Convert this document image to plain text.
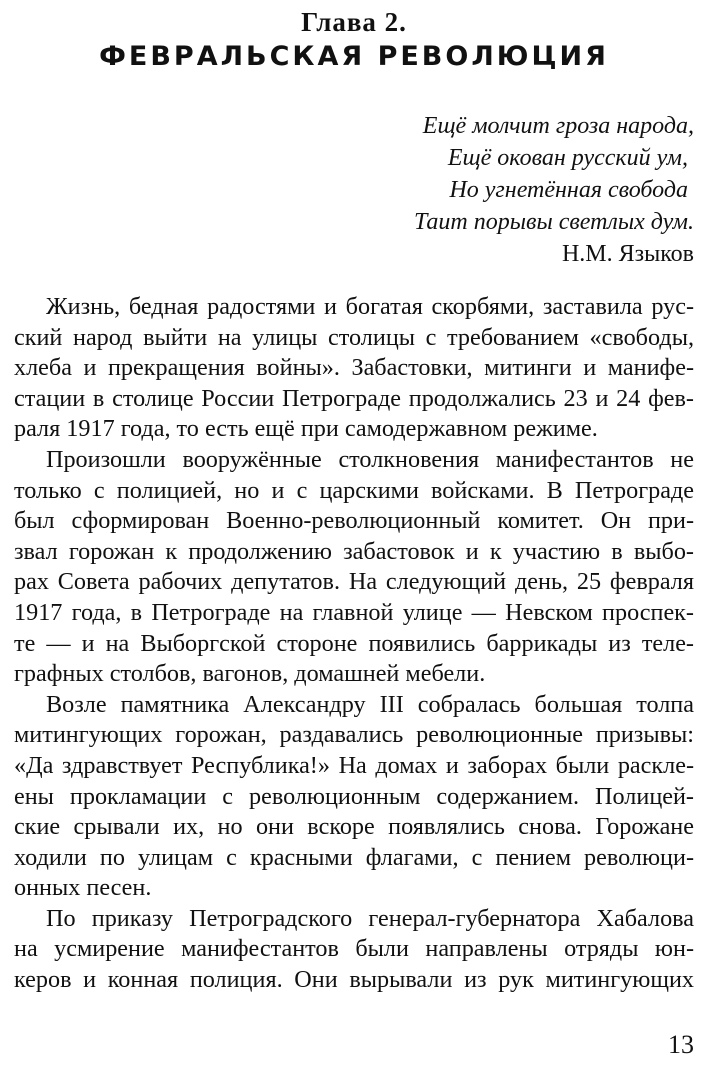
Глава 2.
ФЕВРАЛЬСКАЯ РЕВОЛЮЦИЯ
Ещё молчит гроза народа,
Ещё окован русский ум,
Но угнетённая свобода
Таит порывы светлых дум.
Н.М. Языков
Жизнь, бедная радостями и богатая скорбями, заставила рус-
ский народ выйти на улицы столицы с требованием «свободы,
хлеба и прекращения войны». Забастовки, митинги и манифе-
стации в столице России Петрограде продолжались 23 и 24 фев-
раля 1917 года, то есть ещё при самодержавном режиме.
Произошли вооружённые столкновения манифестантов не
только с полицией, но и с царскими войсками. В Петрограде
был сформирован Военно-революционный комитет. Он при-
звал горожан к продолжению забастовок и к участию в выбо-
рах Совета рабочих депутатов. На следующий день, 25 февраля
1917 года, в Петрограде на главной улице — Невском проспек-
те — и на Выборгской стороне появились баррикады из теле-
графных столбов, вагонов, домашней мебели.
Возле памятника Александру III собралась большая толпа
митингующих горожан, раздавались революционные призывы:
«Да здравствует Республика!» На домах и заборах были раскле-
ены прокламации с революционным содержанием. Полицей-
ские срывали их, но они вскоре появлялись снова. Горожане
ходили по улицам с красными флагами, с пением революци-
онных песен.
По приказу Петроградского генерал-губернатора Хабалова
на усмирение манифестантов были направлены отряды юн-
керов и конная полиция. Они вырывали из рук митингующих
13
